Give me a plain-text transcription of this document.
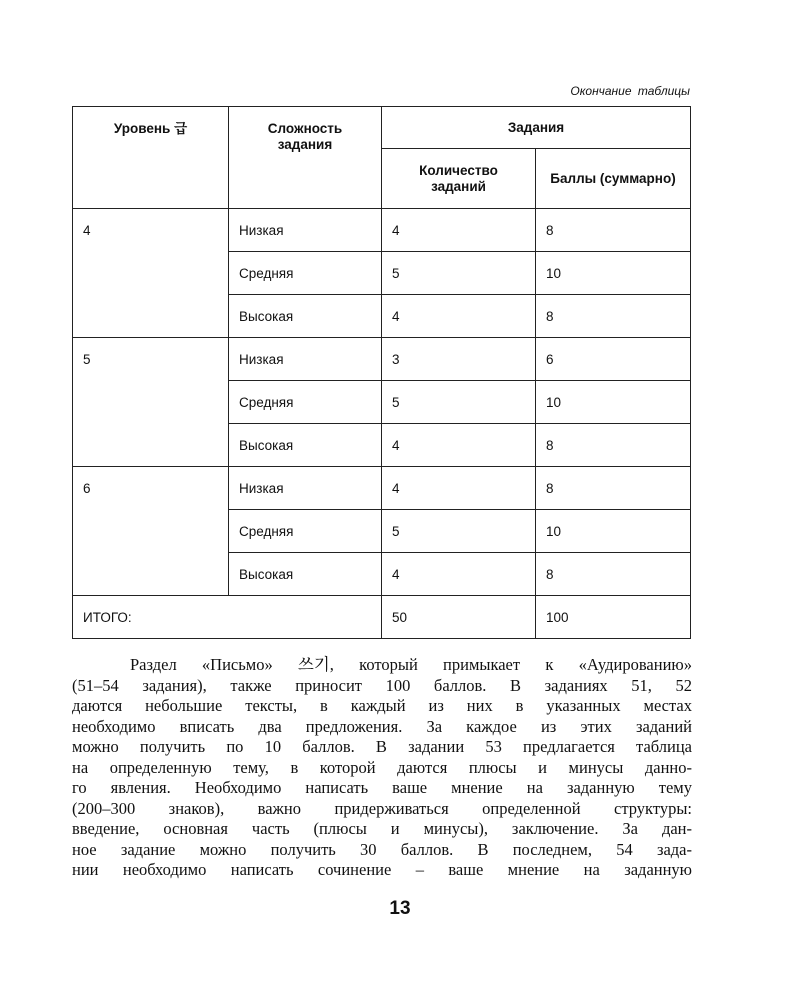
Окончание таблицы
Уровень 급	Сложность задания	Задания	
		Количество заданий	Баллы (суммарно)
4	Низкая	4	8
	Средняя	5	10
	Высокая	4	8
5	Низкая	3	6
	Средняя	5	10
	Высокая	4	8
6	Низкая	4	8
	Средняя	5	10
	Высокая	4	8
ИТОГО:		50	100
Раздел «Письмо» 쓰기, который примыкает к «Аудированию»
(51–54 задания), также приносит 100 баллов. В заданиях 51, 52
даются небольшие тексты, в каждый из них в указанных местах
необходимо вписать два предложения. За каждое из этих заданий
можно получить по 10 баллов. В задании 53 предлагается таблица
на определенную тему, в которой даются плюсы и минусы данно-
го явления. Необходимо написать ваше мнение на заданную тему
(200–300 знаков), важно придерживаться определенной структуры:
введение, основная часть (плюсы и минусы), заключение. За дан-
ное задание можно получить 30 баллов. В последнем, 54 зада-
нии необходимо написать сочинение – ваше мнение на заданную
13
